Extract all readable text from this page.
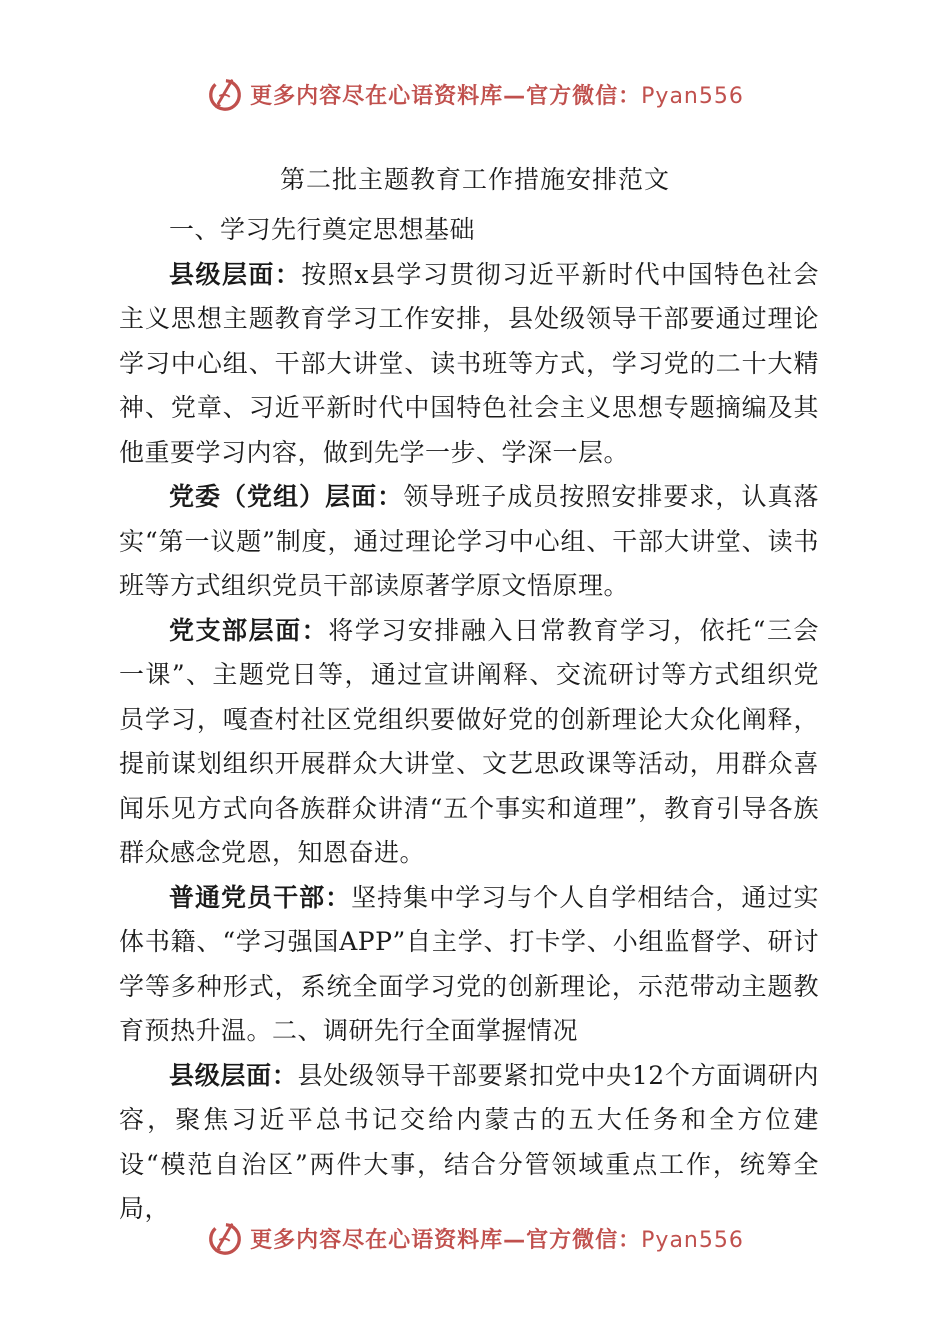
更多内容尽在心语资料库—官方微信：Pyan556
第二批主题教育工作措施安排范文

一、学习先行奠定思想基础

县级层面：按照x县学习贯彻习近平新时代中国特色社会主义思想主题教育学习工作安排，县处级领导干部要通过理论学习中心组、干部大讲堂、读书班等方式，学习党的二十大精神、党章、习近平新时代中国特色社会主义思想专题摘编及其他重要学习内容，做到先学一步、学深一层。

党委（党组）层面：领导班子成员按照安排要求，认真落实“第一议题”制度，通过理论学习中心组、干部大讲堂、读书班等方式组织党员干部读原著学原文悟原理。

党支部层面：将学习安排融入日常教育学习，依托“三会一课”、主题党日等，通过宣讲阐释、交流研讨等方式组织党员学习，嘎查村社区党组织要做好党的创新理论大众化阐释，提前谋划组织开展群众大讲堂、文艺思政课等活动，用群众喜闻乐见方式向各族群众讲清“五个事实和道理”，教育引导各族群众感念党恩，知恩奋进。

普通党员干部：坚持集中学习与个人自学相结合，通过实体书籍、“学习强国APP”自主学、打卡学、小组监督学、研讨学等多种形式，系统全面学习党的创新理论，示范带动主题教育预热升温。二、调研先行全面掌握情况

县级层面：县处级领导干部要紧扣党中央12个方面调研内容，聚焦习近平总书记交给内蒙古的五大任务和全方位建设“模范自治区”两件大事，结合分管领域重点工作，统筹全局，

更多内容尽在心语资料库—官方微信：Pyan556
